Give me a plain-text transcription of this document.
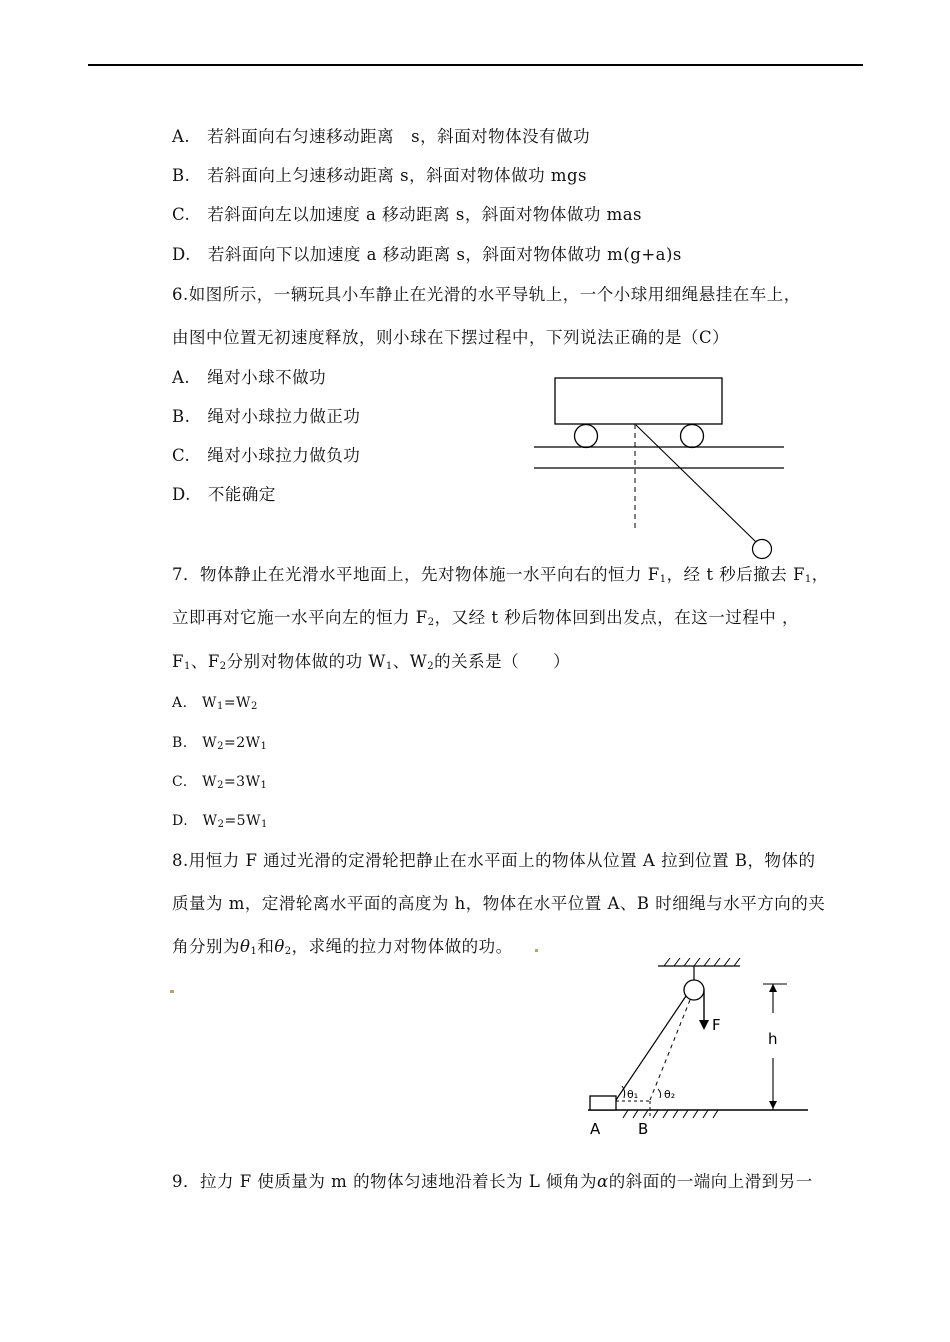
A.　若斜面向右匀速移动距离　s，斜面对物体没有做功
B.　若斜面向上匀速移动距离 s，斜面对物体做功 mgs
C.　若斜面向左以加速度 a 移动距离 s，斜面对物体做功 mas
D.　若斜面向下以加速度 a 移动距离 s，斜面对物体做功 m(g+a)s
6.如图所示，一辆玩具小车静止在光滑的水平导轨上，一个小球用细绳悬挂在车上，
由图中位置无初速度释放，则小球在下摆过程中，下列说法正确的是（C）
A.　绳对小球不做功
B.　绳对小球拉力做正功
C.　绳对小球拉力做负功
D.　不能确定
7．物体静止在光滑水平地面上，先对物体施一水平向右的恒力 $F_1$，经 t 秒后撤去 $F_1$，
立即再对它施一水平向左的恒力 $F_2$，又经 t 秒后物体回到出发点，在这一过程中 ，
$F_1$、$F_2$分别对物体做的功 $W_1$、$W_2$的关系是（　　）
A.　$W_1=W_2$
B.　$W_2=2W_1$
C.　$W_2=3W_1$
D.　$W_2=5W_1$
8.用恒力 F 通过光滑的定滑轮把静止在水平面上的物体从位置 A 拉到位置 B，物体的
质量为 m，定滑轮离水平面的高度为 h，物体在水平位置 A、B 时细绳与水平方向的夹
角分别为$\theta_1$和$\theta_2$，求绳的拉力对物体做的功。
F
θ₁ θ₂
A	B
h
9．拉力 F 使质量为 m 的物体匀速地沿着长为 L 倾角为α的斜面的一端向上滑到另一
